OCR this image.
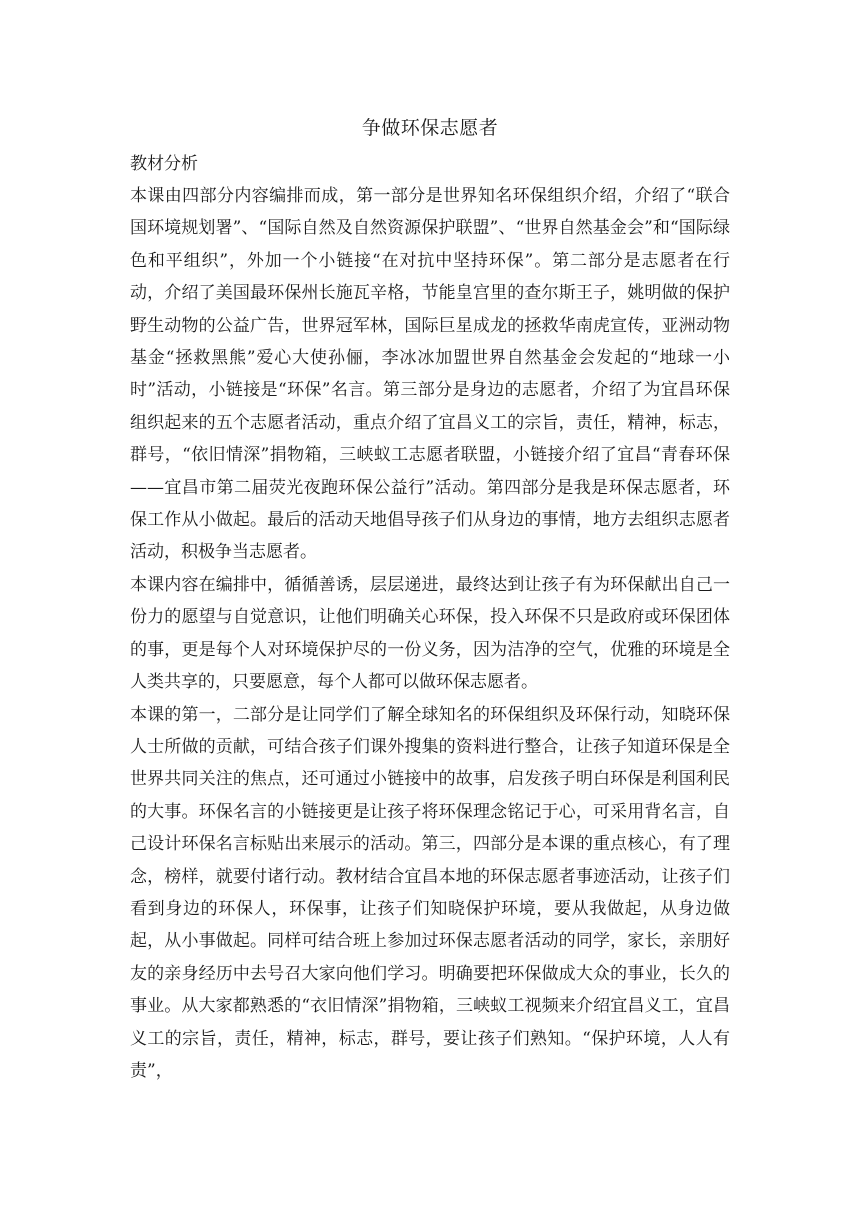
争做环保志愿者

教材分析

本课由四部分内容编排而成，第一部分是世界知名环保组织介绍，介绍了“联合国环境规划署”、“国际自然及自然资源保护联盟”、“世界自然基金会”和“国际绿色和平组织”，外加一个小链接“在对抗中坚持环保”。第二部分是志愿者在行动，介绍了美国最环保州长施瓦辛格，节能皇宫里的查尔斯王子，姚明做的保护野生动物的公益广告，世界冠军林，国际巨星成龙的拯救华南虎宣传，亚洲动物基金“拯救黑熊”爱心大使孙俪，李冰冰加盟世界自然基金会发起的“地球一小时”活动，小链接是“环保”名言。第三部分是身边的志愿者，介绍了为宜昌环保组织起来的五个志愿者活动，重点介绍了宜昌义工的宗旨，责任，精神，标志，群号，“依旧情深”捐物箱，三峡蚁工志愿者联盟，小链接介绍了宜昌“青春环保——宜昌市第二届荧光夜跑环保公益行”活动。第四部分是我是环保志愿者，环保工作从小做起。最后的活动天地倡导孩子们从身边的事情，地方去组织志愿者活动，积极争当志愿者。

本课内容在编排中，循循善诱，层层递进，最终达到让孩子有为环保献出自己一份力的愿望与自觉意识，让他们明确关心环保，投入环保不只是政府或环保团体的事，更是每个人对环境保护尽的一份义务，因为洁净的空气，优雅的环境是全人类共享的，只要愿意，每个人都可以做环保志愿者。

本课的第一，二部分是让同学们了解全球知名的环保组织及环保行动，知晓环保人士所做的贡献，可结合孩子们课外搜集的资料进行整合，让孩子知道环保是全世界共同关注的焦点，还可通过小链接中的故事，启发孩子明白环保是利国利民的大事。环保名言的小链接更是让孩子将环保理念铭记于心，可采用背名言，自己设计环保名言标贴出来展示的活动。第三，四部分是本课的重点核心，有了理念，榜样，就要付诸行动。教材结合宜昌本地的环保志愿者事迹活动，让孩子们看到身边的环保人，环保事，让孩子们知晓保护环境，要从我做起，从身边做起，从小事做起。同样可结合班上参加过环保志愿者活动的同学，家长，亲朋好友的亲身经历中去号召大家向他们学习。明确要把环保做成大众的事业，长久的事业。从大家都熟悉的“衣旧情深”捐物箱，三峡蚁工视频来介绍宜昌义工，宜昌义工的宗旨，责任，精神，标志，群号，要让孩子们熟知。“保护环境，人人有责”，
